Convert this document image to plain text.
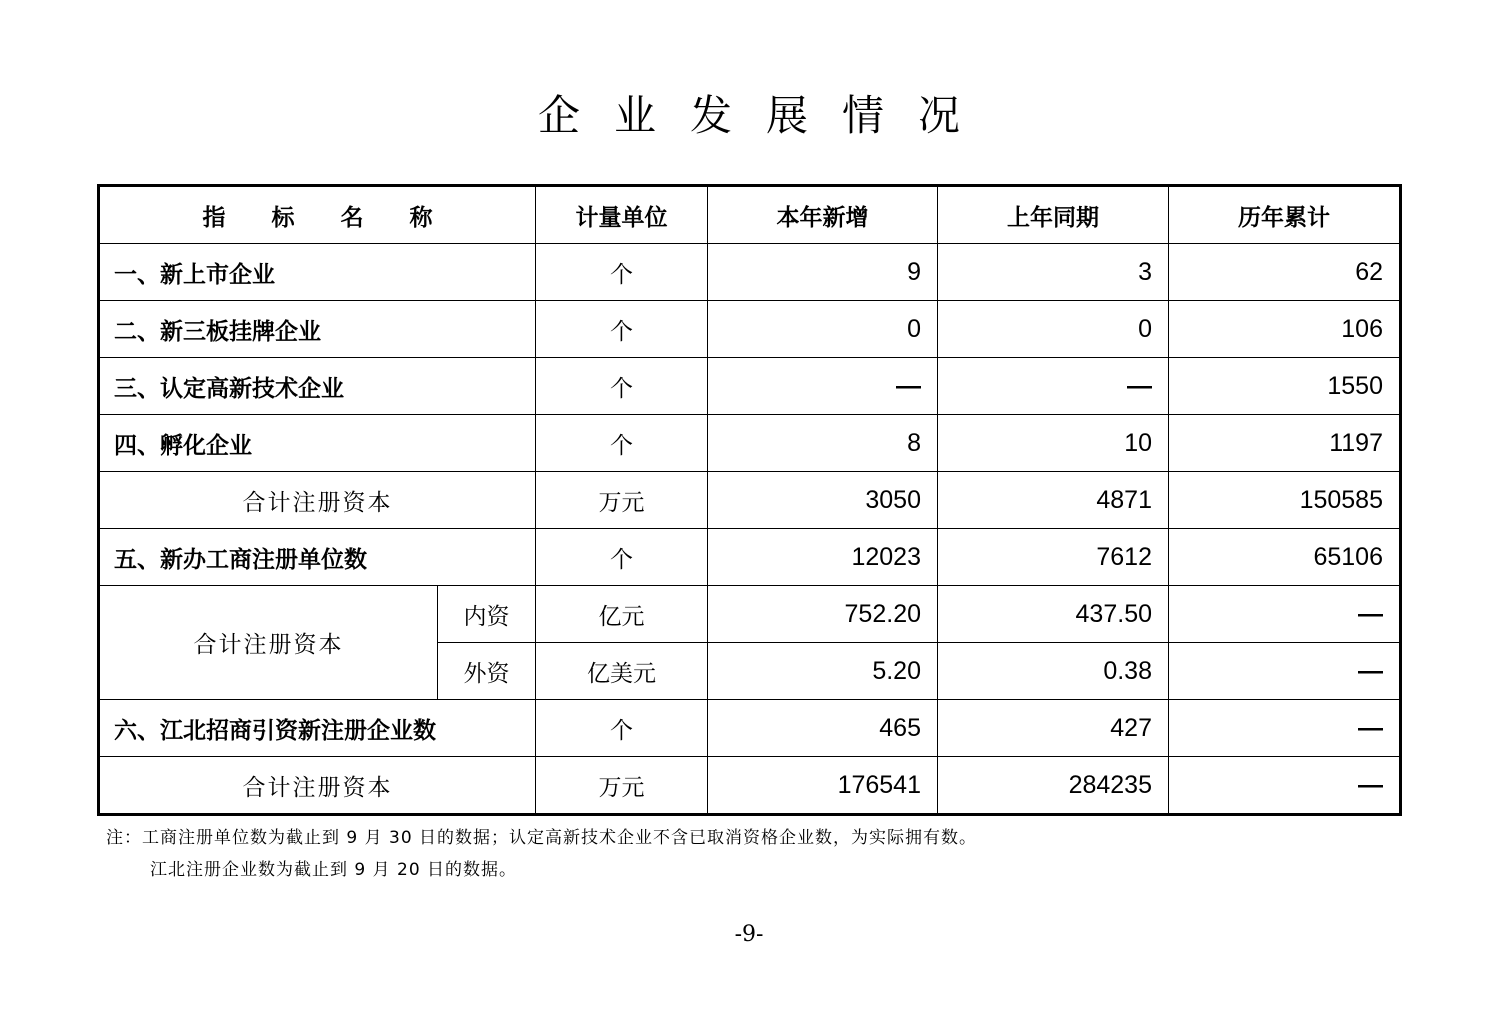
企业发展情况
指标名称		计量单位	本年新增	上年同期	历年累计
一、新上市企业		个	9	3	62
二、新三板挂牌企业		个	0	0	106
三、认定高新技术企业		个	—	—	1550
四、孵化企业		个	8	10	1197
合计注册资本		万元	3050	4871	150585
五、新办工商注册单位数		个	12023	7612	65106
合计注册资本	内资	亿元	752.20	437.50	—
	外资	亿美元	5.20	0.38	—
六、江北招商引资新注册企业数		个	465	427	—
合计注册资本		万元	176541	284235	—
注：工商注册单位数为截止到 9 月 30 日的数据；认定高新技术企业不含已取消资格企业数，为实际拥有数。
江北注册企业数为截止到 9 月 20 日的数据。
-9-
